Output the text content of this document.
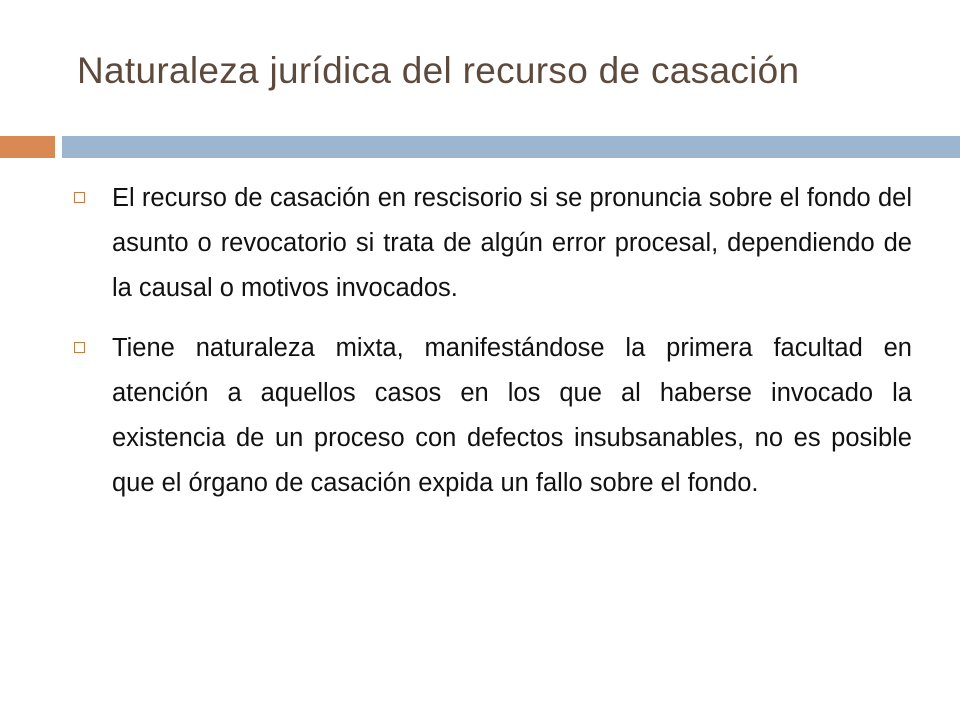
Naturaleza jurídica del recurso de casación
El recurso de casación en rescisorio si se pronuncia sobre el fondo del asunto o revocatorio si trata de algún error procesal, dependiendo de la causal o motivos invocados.
Tiene naturaleza mixta, manifestándose la primera facultad en atención a aquellos casos en los que al haberse invocado la existencia de un proceso con defectos insubsanables, no es posible que el órgano de casación expida un fallo sobre el fondo.
